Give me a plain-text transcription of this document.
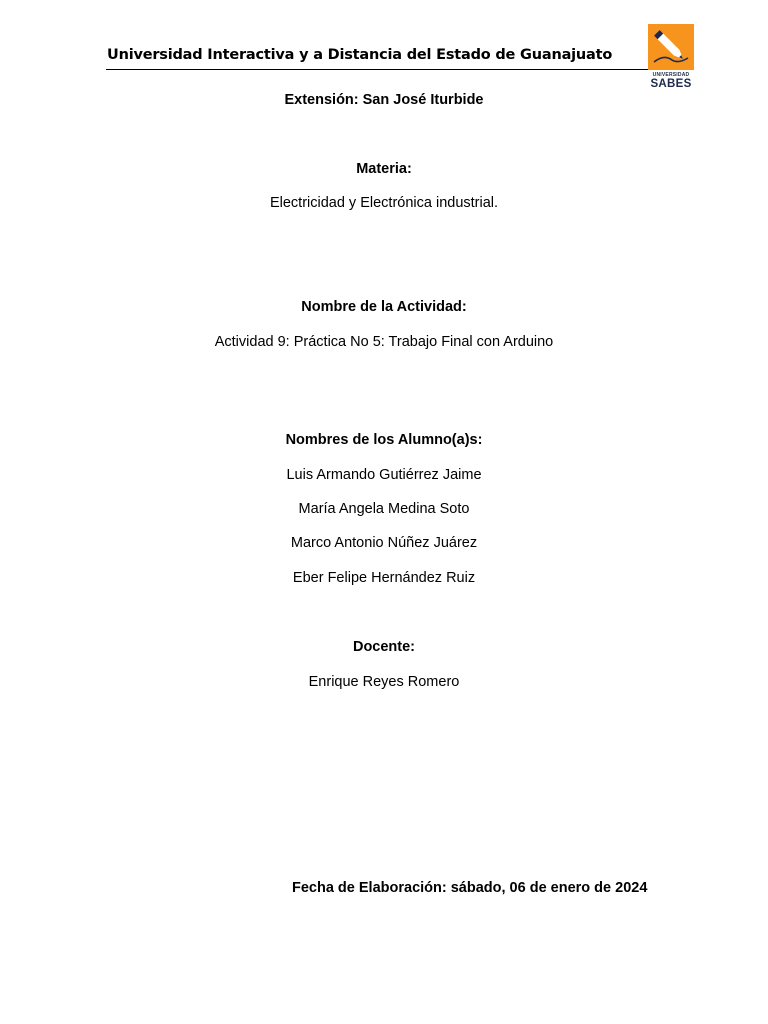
Universidad Interactiva y a Distancia del Estado de Guanajuato
UNIVERSIDAD
SABES
Extensión: San José Iturbide
Materia:
Electricidad y Electrónica industrial.
Nombre de la Actividad:
Actividad 9: Práctica No 5: Trabajo Final con Arduino
Nombres de los Alumno(a)s:
Luis Armando Gutiérrez Jaime
María Angela Medina Soto
Marco Antonio Núñez Juárez
Eber Felipe Hernández Ruiz
Docente:
Enrique Reyes Romero
Fecha de Elaboración: sábado, 06 de enero de 2024
